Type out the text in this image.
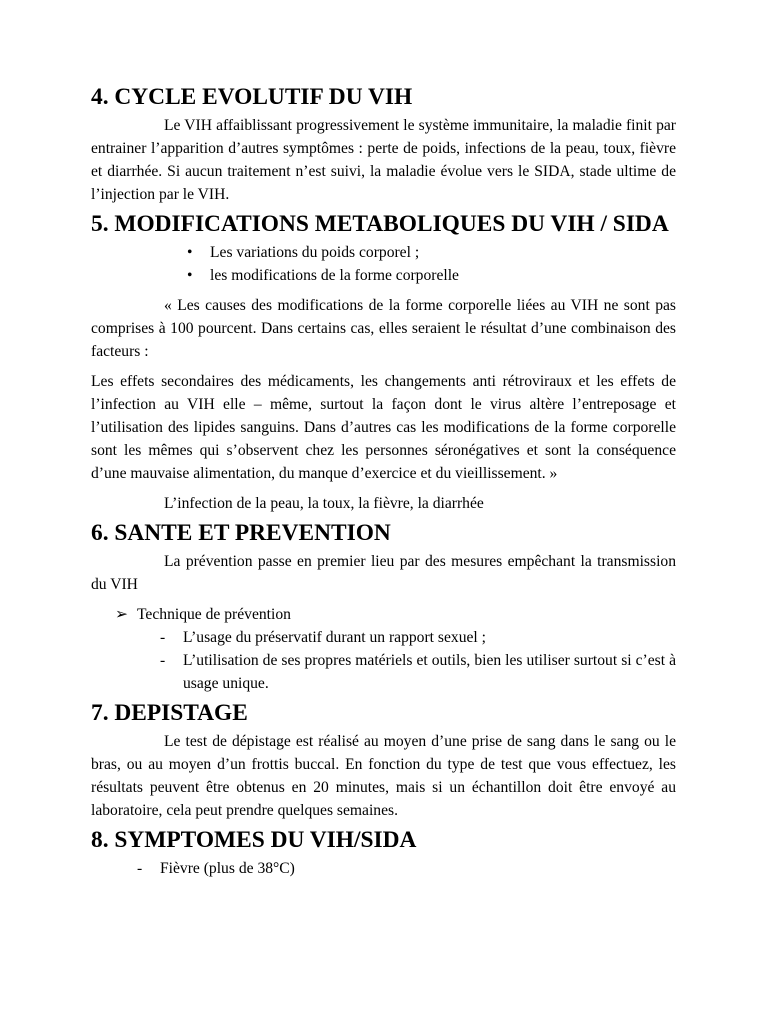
4. CYCLE EVOLUTIF DU VIH

Le VIH affaiblissant progressivement le système immunitaire, la maladie finit par entrainer l’apparition d’autres symptômes : perte de poids, infections de la peau, toux, fièvre et diarrhée. Si aucun traitement n’est suivi, la maladie évolue vers le SIDA, stade ultime de l’injection par le VIH.

5. MODIFICATIONS METABOLIQUES DU VIH / SIDA
• Les variations du poids corporel ;
• les modifications de la forme corporelle

« Les causes des modifications de la forme corporelle liées au VIH ne sont pas comprises à 100 pourcent. Dans certains cas, elles seraient le résultat d’une combinaison des facteurs :

Les effets secondaires des médicaments, les changements anti rétroviraux et les effets de l’infection au VIH elle – même, surtout la façon dont le virus altère l’entreposage et l’utilisation des lipides sanguins. Dans d’autres cas les modifications de la forme corporelle sont les mêmes qui s’observent chez les personnes séronégatives et sont la conséquence d’une mauvaise alimentation, du manque d’exercice et du vieillissement. »

L’infection de la peau, la toux, la fièvre, la diarrhée

6. SANTE ET PREVENTION

La prévention passe en premier lieu par des mesures empêchant la transmission du VIH

➢ Technique de prévention
- L’usage du préservatif durant un rapport sexuel ;
- L’utilisation de ses propres matériels et outils, bien les utiliser surtout si c’est à usage unique.
7. DEPISTAGE

Le test de dépistage est réalisé au moyen d’une prise de sang dans le sang ou le bras, ou au moyen d’un frottis buccal. En fonction du type de test que vous effectuez, les résultats peuvent être obtenus en 20 minutes, mais si un échantillon doit être envoyé au laboratoire, cela peut prendre quelques semaines.

8. SYMPTOMES DU VIH/SIDA
- Fièvre (plus de 38°C)
